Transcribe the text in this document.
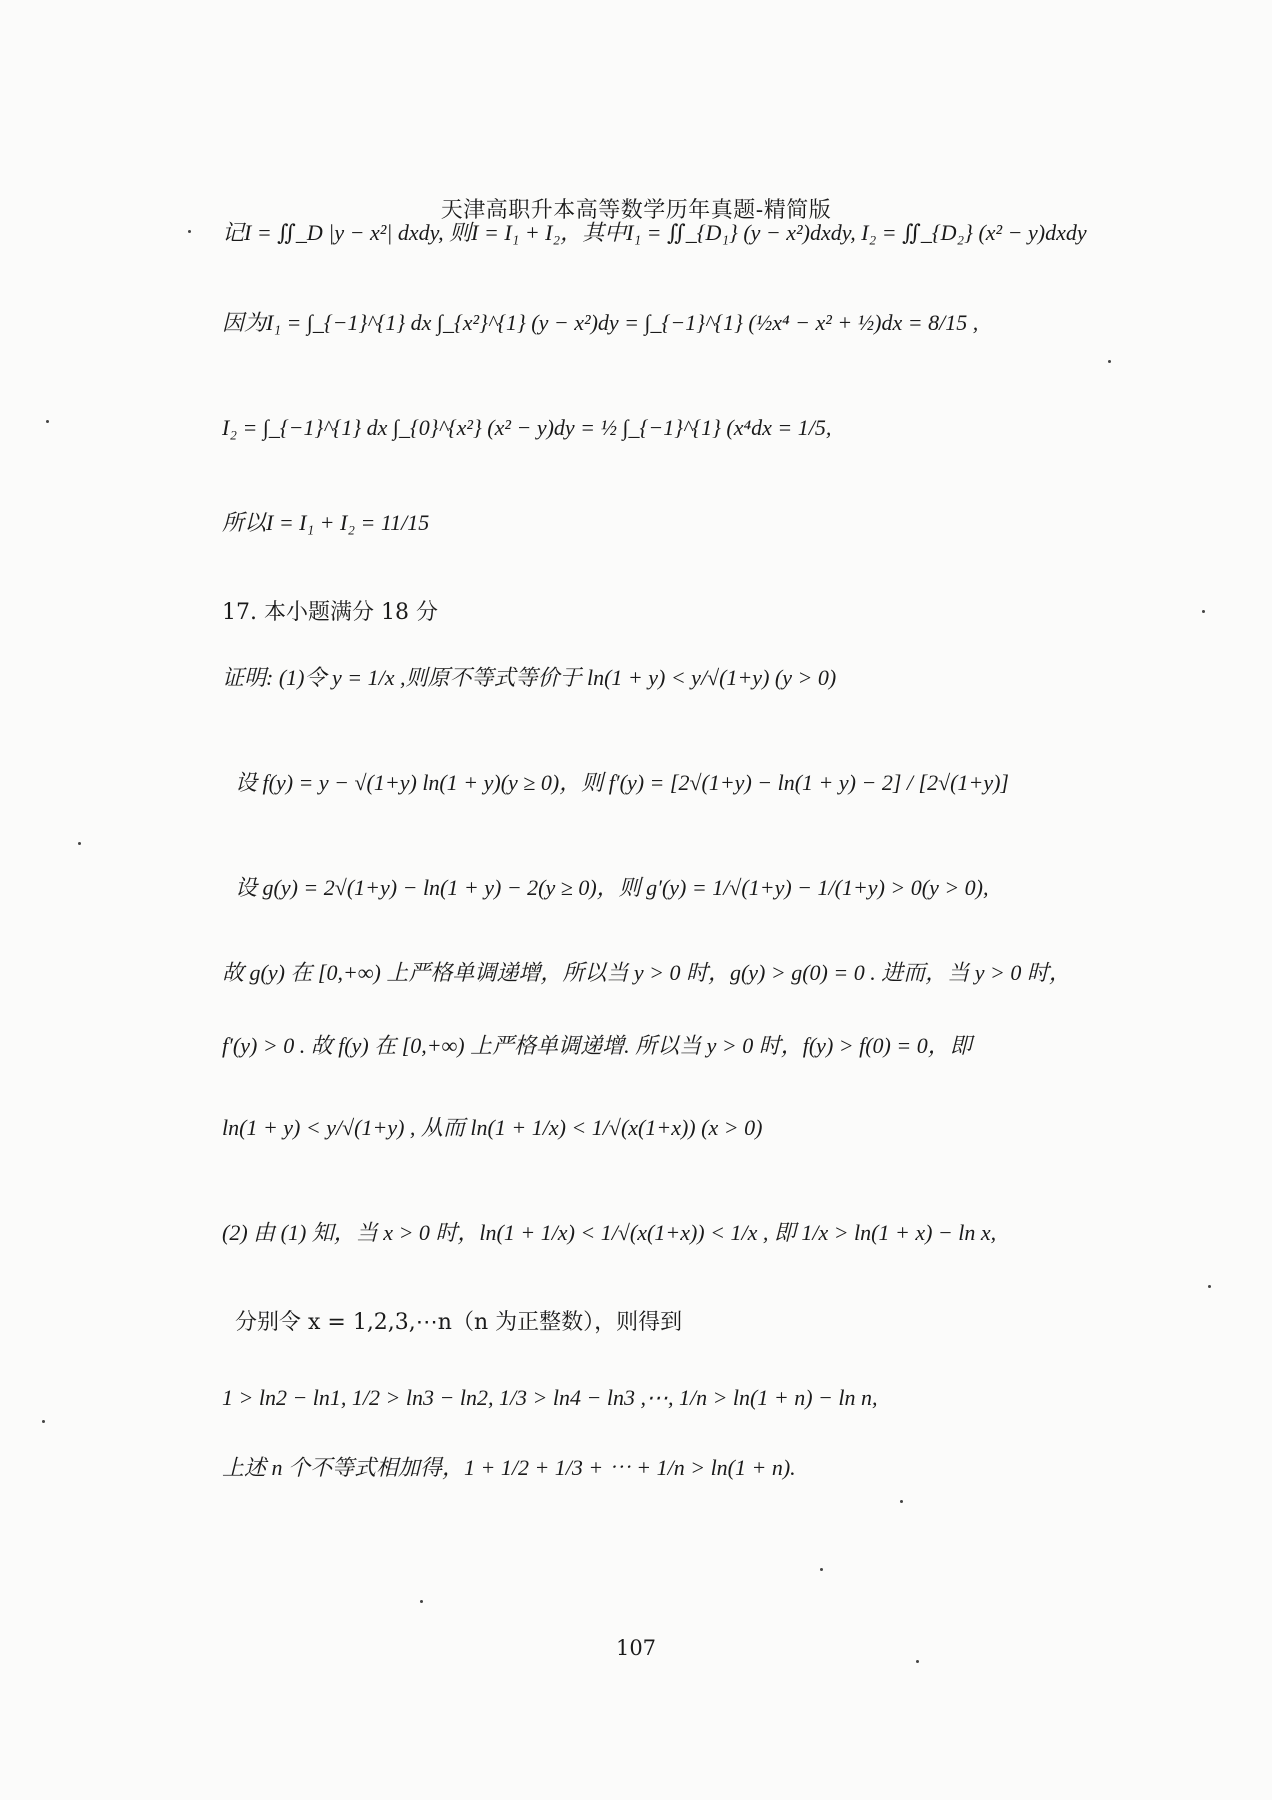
天津高职升本高等数学历年真题-精简版
记I = ∬_D |y − x²| dxdy, 则I = I₁ + I₂，其中I₁ = ∬_{D₁} (y − x²)dxdy, I₂ = ∬_{D₂} (x² − y)dxdy
因为I₁ = ∫_{−1}^{1} dx ∫_{x²}^{1} (y − x²)dy = ∫_{−1}^{1} (½x⁴ − x² + ½)dx = 8/15 ,
I₂ = ∫_{−1}^{1} dx ∫_{0}^{x²} (x² − y)dy = ½ ∫_{−1}^{1} (x⁴dx = 1/5,
所以I = I₁ + I₂ = 11/15
17. 本小题满分 18 分
证明: (1)令 y = 1/x ,则原不等式等价于 ln(1 + y) < y/√(1+y) (y > 0)
设 f(y) = y − √(1+y) ln(1 + y)(y ≥ 0)，则 f′(y) = [2√(1+y) − ln(1 + y) − 2] / [2√(1+y)]
设 g(y) = 2√(1+y) − ln(1 + y) − 2(y ≥ 0)，则 g′(y) = 1/√(1+y) − 1/(1+y) > 0(y > 0),
故 g(y) 在 [0,+∞) 上严格单调递增，所以当 y > 0 时，g(y) > g(0) = 0 . 进而，当 y > 0 时，
f′(y) > 0 . 故 f(y) 在 [0,+∞) 上严格单调递增. 所以当 y > 0 时，f(y) > f(0) = 0，即
ln(1 + y) < y/√(1+y) , 从而 ln(1 + 1/x) < 1/√(x(1+x)) (x > 0)
(2) 由 (1) 知，当 x > 0 时，ln(1 + 1/x) < 1/√(x(1+x)) < 1/x , 即 1/x > ln(1 + x) − ln x,
分别令 x = 1,2,3,⋯n（n 为正整数），则得到
1 > ln2 − ln1, 1/2 > ln3 − ln2, 1/3 > ln4 − ln3 ,⋯, 1/n > ln(1 + n) − ln n,
上述 n 个不等式相加得，1 + 1/2 + 1/3 + ⋯ + 1/n > ln(1 + n).
107
